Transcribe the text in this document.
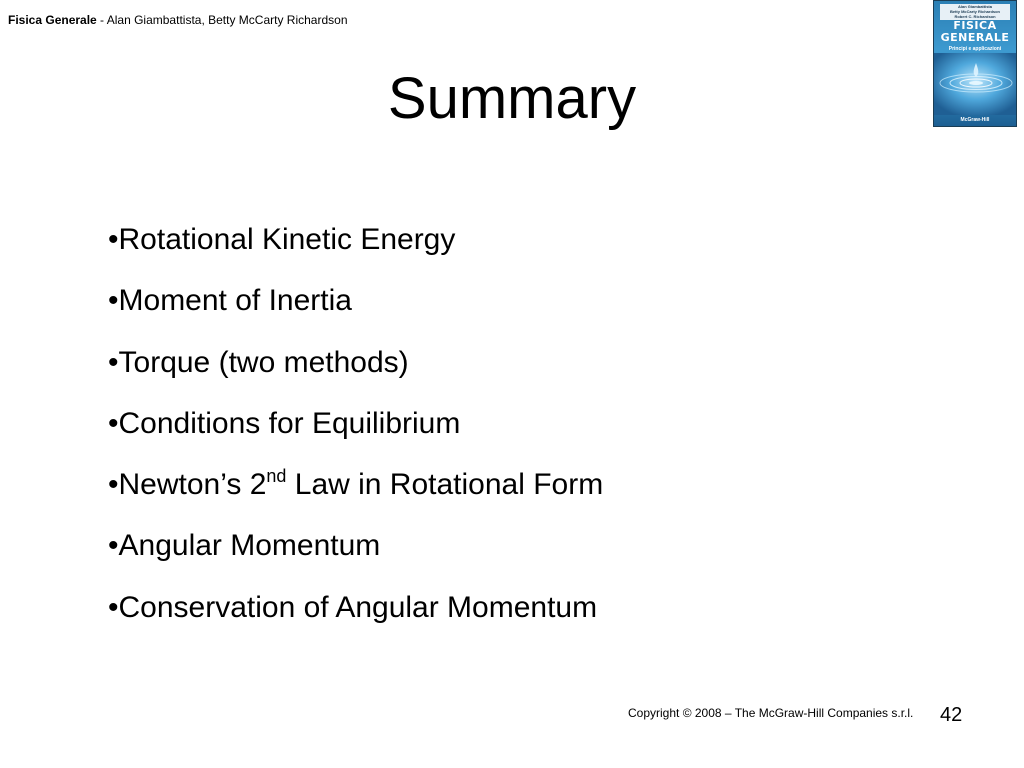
Fisica Generale - Alan Giambattista, Betty McCarty Richardson
Alan Giambattista
Betty McCarty Richardson
Robert C. Richardson
FISICA
GENERALE
Principi e applicazioni
McGraw-Hill
Summary
•Rotational Kinetic Energy
•Moment of Inertia
•Torque (two methods)
•Conditions for Equilibrium
•Newton’s 2nd Law in Rotational Form
•Angular Momentum
•Conservation of Angular Momentum
Copyright © 2008 – The McGraw-Hill Companies s.r.l. 42
